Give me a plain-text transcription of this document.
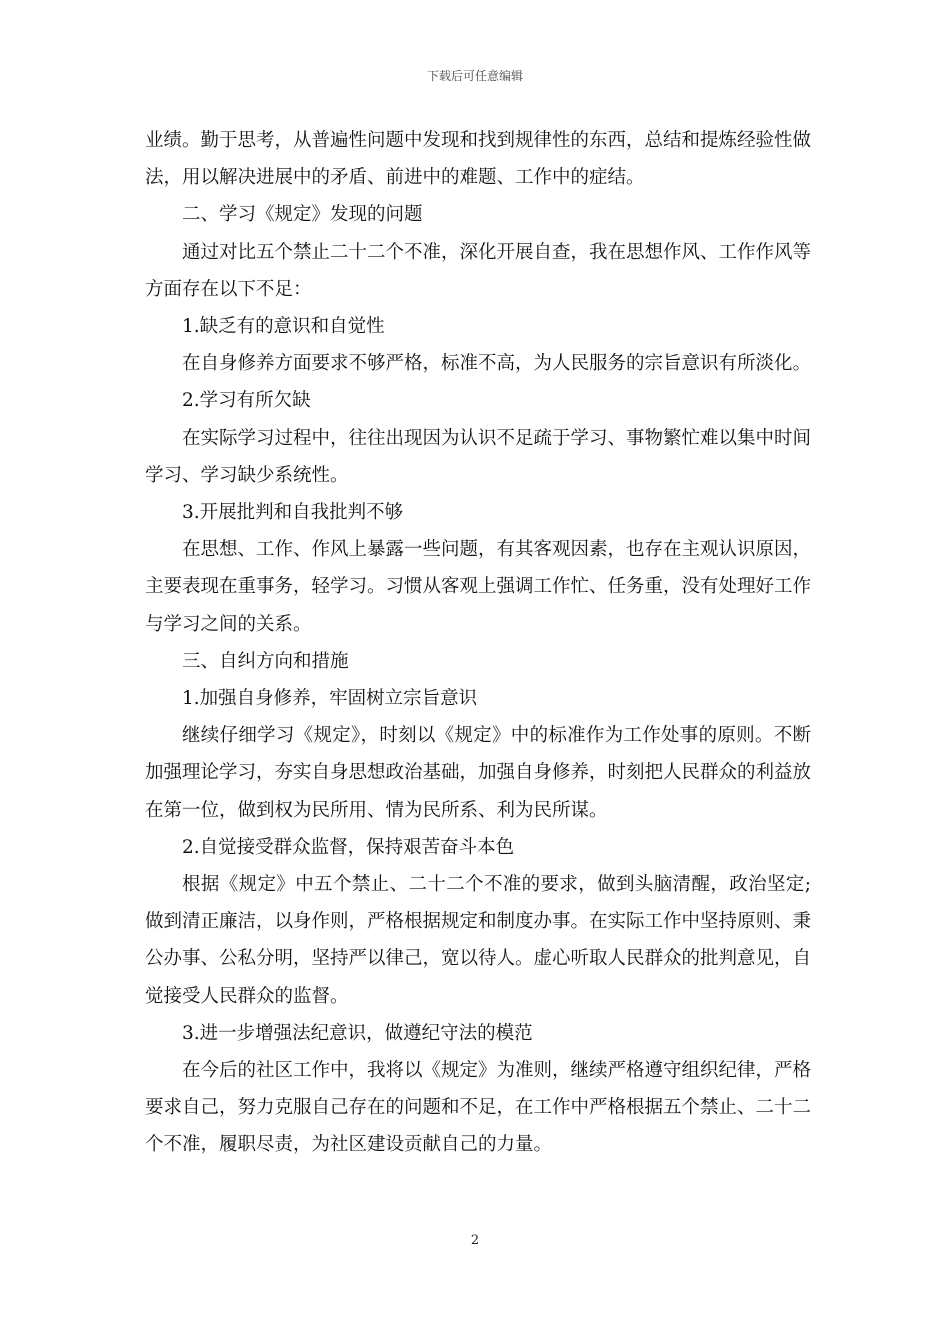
下载后可任意编辑

业绩。勤于思考，从普遍性问题中发现和找到规律性的东西，总结和提炼经验性做法，用以解决进展中的矛盾、前进中的难题、工作中的症结。

二、学习《规定》发现的问题

通过对比五个禁止二十二个不准，深化开展自查，我在思想作风、工作作风等方面存在以下不足：

1.缺乏有的意识和自觉性

在自身修养方面要求不够严格，标准不高，为人民服务的宗旨意识有所淡化。

2.学习有所欠缺

在实际学习过程中，往往出现因为认识不足疏于学习、事物繁忙难以集中时间学习、学习缺少系统性。

3.开展批判和自我批判不够

在思想、工作、作风上暴露一些问题，有其客观因素，也存在主观认识原因，主要表现在重事务，轻学习。习惯从客观上强调工作忙、任务重，没有处理好工作与学习之间的关系。

三、自纠方向和措施

1.加强自身修养，牢固树立宗旨意识

继续仔细学习《规定》，时刻以《规定》中的标准作为工作处事的原则。不断加强理论学习，夯实自身思想政治基础，加强自身修养，时刻把人民群众的利益放在第一位，做到权为民所用、情为民所系、利为民所谋。

2.自觉接受群众监督，保持艰苦奋斗本色

根据《规定》中五个禁止、二十二个不准的要求，做到头脑清醒，政治坚定;做到清正廉洁，以身作则，严格根据规定和制度办事。在实际工作中坚持原则、秉公办事、公私分明，坚持严以律己，宽以待人。虚心听取人民群众的批判意见，自觉接受人民群众的监督。

3.进一步增强法纪意识，做遵纪守法的模范

在今后的社区工作中，我将以《规定》为准则，继续严格遵守组织纪律，严格要求自己，努力克服自己存在的问题和不足，在工作中严格根据五个禁止、二十二个不准，履职尽责，为社区建设贡献自己的力量。

2
